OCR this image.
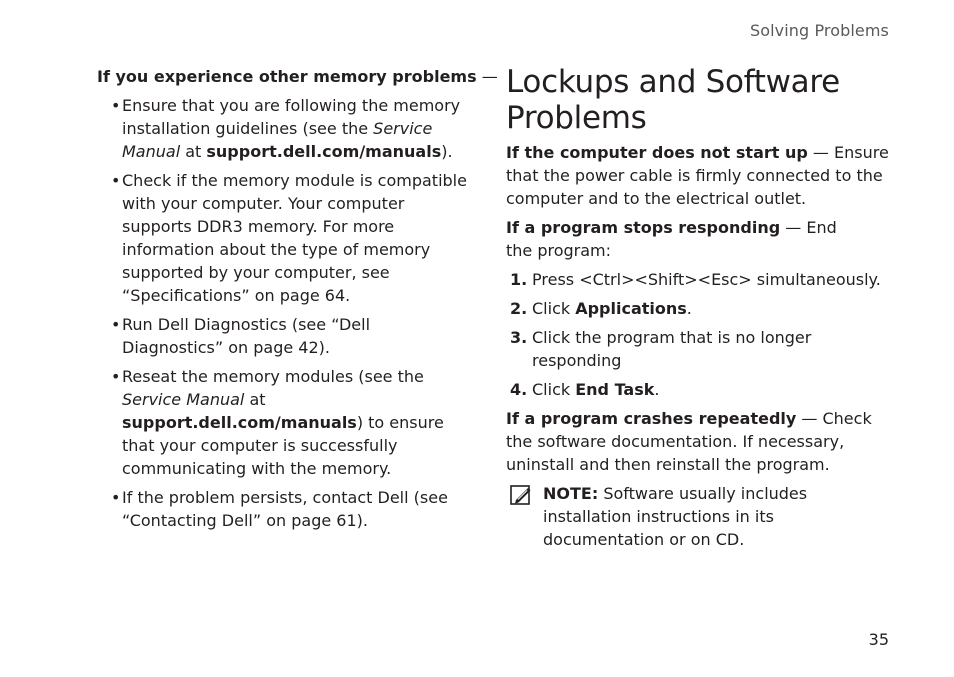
Solving Problems

If you experience other memory problems —

• Ensure that you are following the memory installation guidelines (see the Service Manual at support.dell.com/manuals).
• Check if the memory module is compatible with your computer. Your computer supports DDR3 memory. For more information about the type of memory supported by your computer, see “Specifications” on page 64.
• Run Dell Diagnostics (see “Dell Diagnostics” on page 42).
• Reseat the memory modules (see the Service Manual at support.dell.com/manuals) to ensure that your computer is successfully communicating with the memory.
• If the problem persists, contact Dell (see “Contacting Dell” on page 61).
Lockups and Software Problems

If the computer does not start up — Ensure that the power cable is firmly connected to the computer and to the electrical outlet.

If a program stops responding — End the program:

1. Press <Ctrl><Shift><Esc> simultaneously.
2. Click Applications.
3. Click the program that is no longer responding
4. Click End Task.

If a program crashes repeatedly — Check the software documentation. If necessary, uninstall and then reinstall the program.

NOTE: Software usually includes installation instructions in its documentation or on CD.
35
